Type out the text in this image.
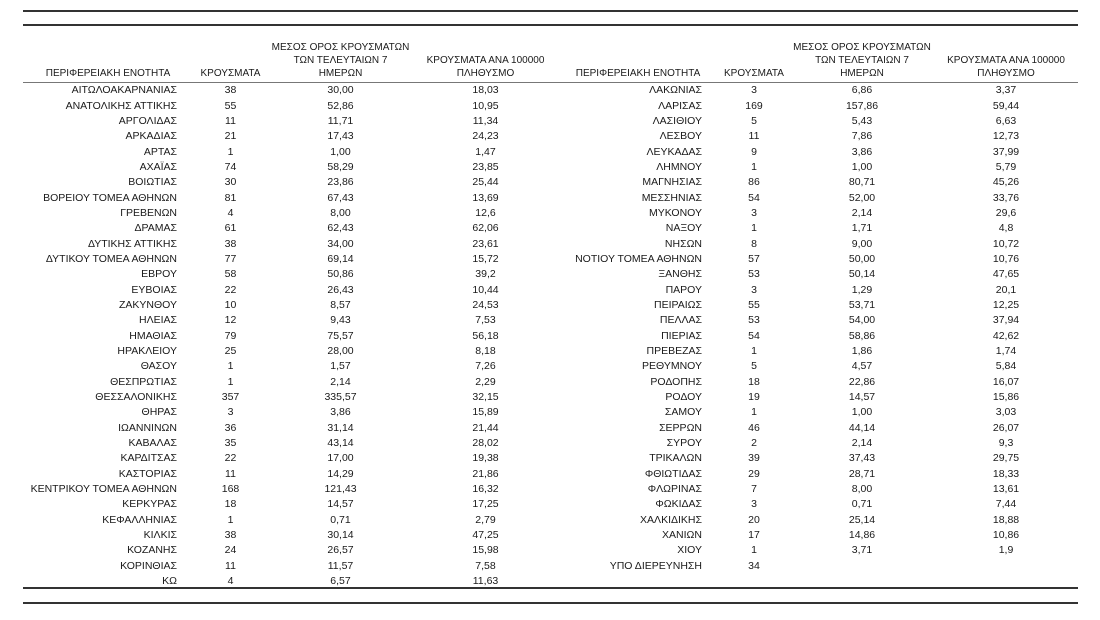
ΠΕΡΙΦΕΡΕΙΑΚΗ ΕΝΟΤΗΤΑ	ΚΡΟΥΣΜΑΤΑ	ΜΕΣΟΣ ΟΡΟΣ ΚΡΟΥΣΜΑΤΩΝ
ΤΩΝ ΤΕΛΕΥΤΑΙΩΝ 7
ΗΜΕΡΩΝ	ΚΡΟΥΣΜΑΤΑ ΑΝΑ 100000
ΠΛΗΘΥΣΜΟ
ΑΙΤΩΛΟΑΚΑΡΝΑΝΙΑΣ	38	30,00	18,03
ΑΝΑΤΟΛΙΚΗΣ ΑΤΤΙΚΗΣ	55	52,86	10,95
ΑΡΓΟΛΙΔΑΣ	11	11,71	11,34
ΑΡΚΑΔΙΑΣ	21	17,43	24,23
ΑΡΤΑΣ	1	1,00	1,47
ΑΧΑΪΑΣ	74	58,29	23,85
ΒΟΙΩΤΙΑΣ	30	23,86	25,44
ΒΟΡΕΙΟΥ ΤΟΜΕΑ ΑΘΗΝΩΝ	81	67,43	13,69
ΓΡΕΒΕΝΩΝ	4	8,00	12,6
ΔΡΑΜΑΣ	61	62,43	62,06
ΔΥΤΙΚΗΣ ΑΤΤΙΚΗΣ	38	34,00	23,61
ΔΥΤΙΚΟΥ ΤΟΜΕΑ ΑΘΗΝΩΝ	77	69,14	15,72
ΕΒΡΟΥ	58	50,86	39,2
ΕΥΒΟΙΑΣ	22	26,43	10,44
ΖΑΚΥΝΘΟΥ	10	8,57	24,53
ΗΛΕΙΑΣ	12	9,43	7,53
ΗΜΑΘΙΑΣ	79	75,57	56,18
ΗΡΑΚΛΕΙΟΥ	25	28,00	8,18
ΘΑΣΟΥ	1	1,57	7,26
ΘΕΣΠΡΩΤΙΑΣ	1	2,14	2,29
ΘΕΣΣΑΛΟΝΙΚΗΣ	357	335,57	32,15
ΘΗΡΑΣ	3	3,86	15,89
ΙΩΑΝΝΙΝΩΝ	36	31,14	21,44
ΚΑΒΑΛΑΣ	35	43,14	28,02
ΚΑΡΔΙΤΣΑΣ	22	17,00	19,38
ΚΑΣΤΟΡΙΑΣ	11	14,29	21,86
ΚΕΝΤΡΙΚΟΥ ΤΟΜΕΑ ΑΘΗΝΩΝ	168	121,43	16,32
ΚΕΡΚΥΡΑΣ	18	14,57	17,25
ΚΕΦΑΛΛΗΝΙΑΣ	1	0,71	2,79
ΚΙΛΚΙΣ	38	30,14	47,25
ΚΟΖΑΝΗΣ	24	26,57	15,98
ΚΟΡΙΝΘΙΑΣ	11	11,57	7,58
ΚΩ	4	6,57	11,63
ΠΕΡΙΦΕΡΕΙΑΚΗ ΕΝΟΤΗΤΑ	ΚΡΟΥΣΜΑΤΑ	ΜΕΣΟΣ ΟΡΟΣ ΚΡΟΥΣΜΑΤΩΝ
ΤΩΝ ΤΕΛΕΥΤΑΙΩΝ 7
ΗΜΕΡΩΝ	ΚΡΟΥΣΜΑΤΑ ΑΝΑ 100000
ΠΛΗΘΥΣΜΟ
ΛΑΚΩΝΙΑΣ	3	6,86	3,37
ΛΑΡΙΣΑΣ	169	157,86	59,44
ΛΑΣΙΘΙΟΥ	5	5,43	6,63
ΛΕΣΒΟΥ	11	7,86	12,73
ΛΕΥΚΑΔΑΣ	9	3,86	37,99
ΛΗΜΝΟΥ	1	1,00	5,79
ΜΑΓΝΗΣΙΑΣ	86	80,71	45,26
ΜΕΣΣΗΝΙΑΣ	54	52,00	33,76
ΜΥΚΟΝΟΥ	3	2,14	29,6
ΝΑΞΟΥ	1	1,71	4,8
ΝΗΣΩΝ	8	9,00	10,72
ΝΟΤΙΟΥ ΤΟΜΕΑ ΑΘΗΝΩΝ	57	50,00	10,76
ΞΑΝΘΗΣ	53	50,14	47,65
ΠΑΡΟΥ	3	1,29	20,1
ΠΕΙΡΑΙΩΣ	55	53,71	12,25
ΠΕΛΛΑΣ	53	54,00	37,94
ΠΙΕΡΙΑΣ	54	58,86	42,62
ΠΡΕΒΕΖΑΣ	1	1,86	1,74
ΡΕΘΥΜΝΟΥ	5	4,57	5,84
ΡΟΔΟΠΗΣ	18	22,86	16,07
ΡΟΔΟΥ	19	14,57	15,86
ΣΑΜΟΥ	1	1,00	3,03
ΣΕΡΡΩΝ	46	44,14	26,07
ΣΥΡΟΥ	2	2,14	9,3
ΤΡΙΚΑΛΩΝ	39	37,43	29,75
ΦΘΙΩΤΙΔΑΣ	29	28,71	18,33
ΦΛΩΡΙΝΑΣ	7	8,00	13,61
ΦΩΚΙΔΑΣ	3	0,71	7,44
ΧΑΛΚΙΔΙΚΗΣ	20	25,14	18,88
ΧΑΝΙΩΝ	17	14,86	10,86
ΧΙΟΥ	1	3,71	1,9
ΥΠΟ ΔΙΕΡΕΥΝΗΣΗ	34		
